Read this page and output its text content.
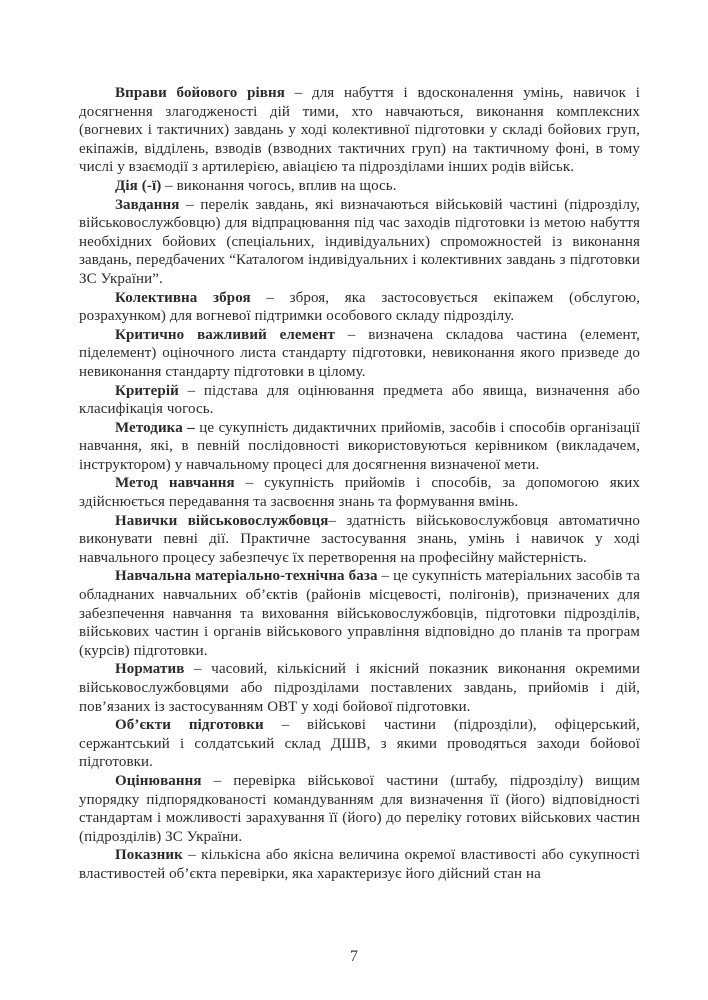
Вправи бойового рівня – для набуття і вдосконалення умінь, навичок і досягнення злагодженості дій тими, хто навчаються, виконання комплексних (вогневих і тактичних) завдань у ході колективної підготовки у складі бойових груп, екіпажів, відділень, взводів (взводних тактичних груп) на тактичному фоні, в тому числі у взаємодії з артилерією, авіацією та підрозділами інших родів військ.

Дія (-ї) – виконання чогось, вплив на щось.

Завдання – перелік завдань, які визначаються військовій частині (підрозділу, військовослужбовцю) для відпрацювання під час заходів підготовки із метою набуття необхідних бойових (спеціальних, індивідуальних) спроможностей із виконання завдань, передбачених “Каталогом індивідуальних і колективних завдань з підготовки ЗС України”.

Колективна зброя – зброя, яка застосовується екіпажем (обслугою, розрахунком) для вогневої підтримки особового складу підрозділу.

Критично важливий елемент – визначена складова частина (елемент, піделемент) оціночного листа стандарту підготовки, невиконання якого призведе до невиконання стандарту підготовки в цілому.

Критерій – підстава для оцінювання предмета або явища, визначення або класифікація чогось.

Методика – це сукупність дидактичних прийомів, засобів і способів організації навчання, які, в певній послідовності використовуються керівником (викладачем, інструктором) у навчальному процесі для досягнення визначеної мети.

Метод навчання – сукупність прийомів і способів, за допомогою яких здійснюється передавання та засвоєння знань та формування вмінь.

Навички військовослужбовця– здатність військовослужбовця автоматично виконувати певні дії. Практичне застосування знань, умінь і навичок у ході навчального процесу забезпечує їх перетворення на професійну майстерність.

Навчальна матеріально-технічна база – це сукупність матеріальних засобів та обладнаних навчальних об’єктів (районів місцевості, полігонів), призначених для забезпечення навчання та виховання військовослужбовців, підготовки підрозділів, військових частин і органів військового управління відповідно до планів та програм (курсів) підготовки.

Норматив – часовий, кількісний і якісний показник виконання окремими військовослужбовцями або підрозділами поставлених завдань, прийомів і дій, пов’язаних із застосуванням ОВТ у ході бойової підготовки.

Об’єкти підготовки – військові частини (підрозділи), офіцерський, сержантський і солдатський склад ДШВ, з якими проводяться заходи бойової підготовки.

Оцінювання – перевірка військової частини (штабу, підрозділу) вищим упорядку підпорядкованості командуванням для визначення її (його) відповідності стандартам і можливості зарахування її (його) до переліку готових військових частин (підрозділів) ЗС України.

Показник – кількісна або якісна величина окремої властивості або сукупності властивостей об’єкта перевірки, яка характеризує його дійсний стан на

7
